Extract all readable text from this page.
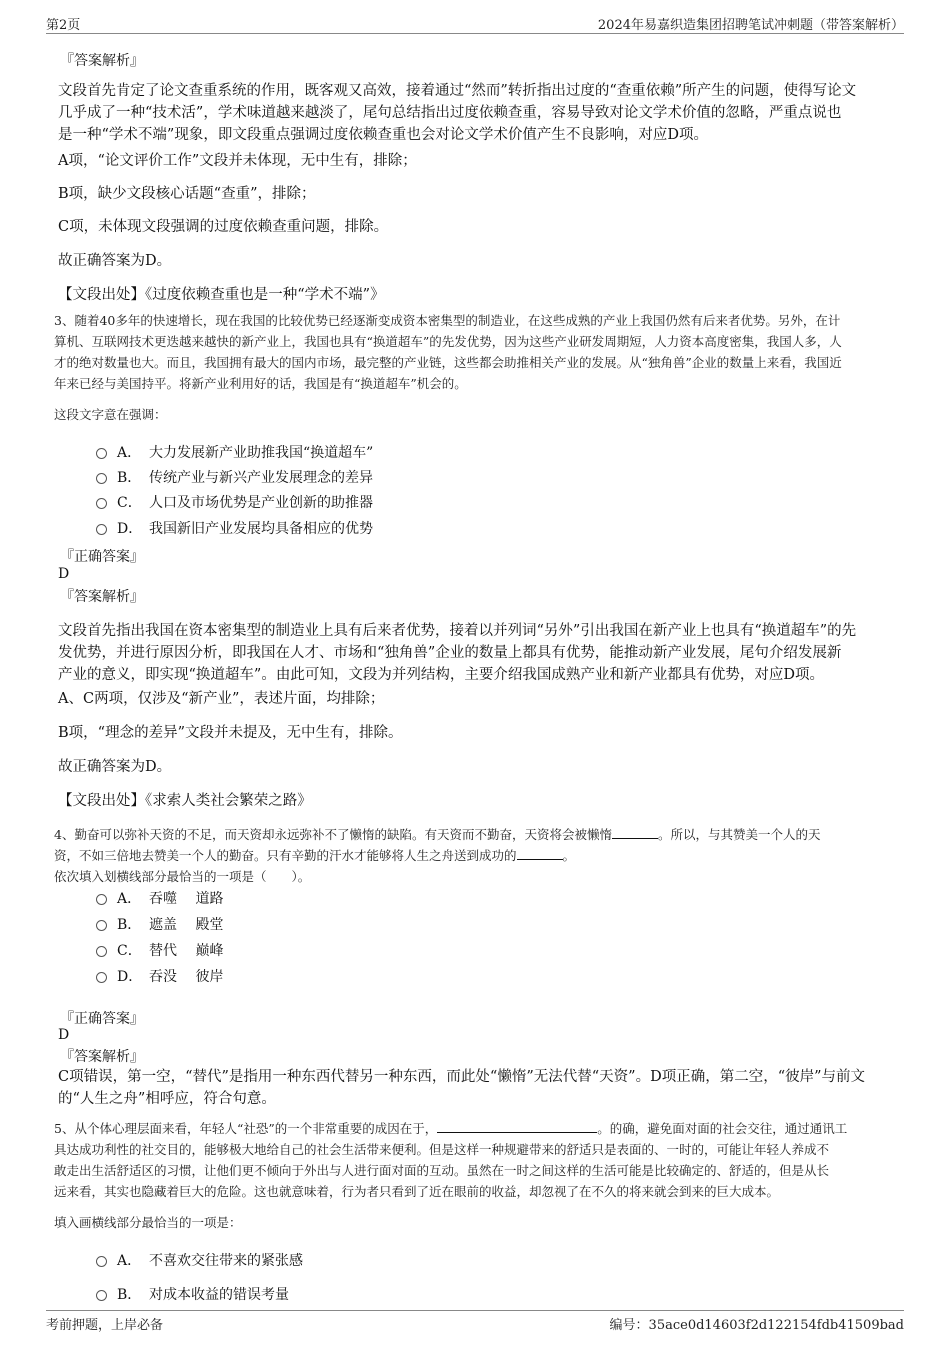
第2页	2024年易嘉织造集团招聘笔试冲刺题（带答案解析）
『答案解析』
文段首先肯定了论文查重系统的作用，既客观又高效，接着通过“然而”转折指出过度的“查重依赖”所产生的问题，使得写论文
几乎成了一种“技术活”，学术味道越来越淡了，尾句总结指出过度依赖查重，容易导致对论文学术价值的忽略，严重点说也
是一种“学术不端”现象，即文段重点强调过度依赖查重也会对论文学术价值产生不良影响，对应D项。
A项，“论文评价工作”文段并未体现，无中生有，排除；
B项，缺少文段核心话题“查重”，排除；
C项，未体现文段强调的过度依赖查重问题，排除。
故正确答案为D。
【文段出处】《过度依赖查重也是一种“学术不端”》
3、随着40多年的快速增长，现在我国的比较优势已经逐渐变成资本密集型的制造业，在这些成熟的产业上我国仍然有后来者优势。另外，在计
算机、互联网技术更迭越来越快的新产业上，我国也具有“换道超车”的先发优势，因为这些产业研发周期短，人力资本高度密集，我国人多，人
才的绝对数量也大。而且，我国拥有最大的国内市场，最完整的产业链，这些都会助推相关产业的发展。从“独角兽”企业的数量上来看，我国近
年来已经与美国持平。将新产业利用好的话，我国是有“换道超车”机会的。
这段文字意在强调：
A． 大力发展新产业助推我国“换道超车”
B． 传统产业与新兴产业发展理念的差异
C． 人口及市场优势是产业创新的助推器
D． 我国新旧产业发展均具备相应的优势
『正确答案』
D
『答案解析』
文段首先指出我国在资本密集型的制造业上具有后来者优势，接着以并列词“另外”引出我国在新产业上也具有“换道超车”的先
发优势，并进行原因分析，即我国在人才、市场和“独角兽”企业的数量上都具有优势，能推动新产业发展，尾句介绍发展新
产业的意义，即实现“换道超车”。由此可知，文段为并列结构，主要介绍我国成熟产业和新产业都具有优势，对应D项。
A、C两项，仅涉及“新产业”，表述片面，均排除；
B项，“理念的差异”文段并未提及，无中生有，排除。
故正确答案为D。
【文段出处】《求索人类社会繁荣之路》
4、勤奋可以弥补天资的不足，而天资却永远弥补不了懒惰的缺陷。有天资而不勤奋，天资将会被懒惰	。所以，与其赞美一个人的天
资，不如三倍地去赞美一个人的勤奋。只有辛勤的汗水才能够将人生之舟送到成功的	。
依次填入划横线部分最恰当的一项是（　　）。
A． 吞噬　 道路
B． 遮盖　 殿堂
C． 替代　 巅峰
D． 吞没　 彼岸
『正确答案』
D
『答案解析』
C项错误，第一空，“替代”是指用一种东西代替另一种东西，而此处“懒惰”无法代替“天资”。D项正确，第二空，“彼岸”与前文
的“人生之舟”相呼应，符合句意。
5、从个体心理层面来看，年轻人“社恐”的一个非常重要的成因在于，	。的确，避免面对面的社会交往，通过通讯工
具达成功利性的社交目的，能够极大地给自己的社会生活带来便利。但是这样一种规避带来的舒适只是表面的、一时的，可能让年轻人养成不
敢走出生活舒适区的习惯，让他们更不倾向于外出与人进行面对面的互动。虽然在一时之间这样的生活可能是比较确定的、舒适的，但是从长
远来看，其实也隐藏着巨大的危险。这也就意味着，行为者只看到了近在眼前的收益，却忽视了在不久的将来就会到来的巨大成本。
填入画横线部分最恰当的一项是：
A． 不喜欢交往带来的紧张感
B． 对成本收益的错误考量
考前押题，上岸必备	编号：35ace0d14603f2d122154fdb41509bad
